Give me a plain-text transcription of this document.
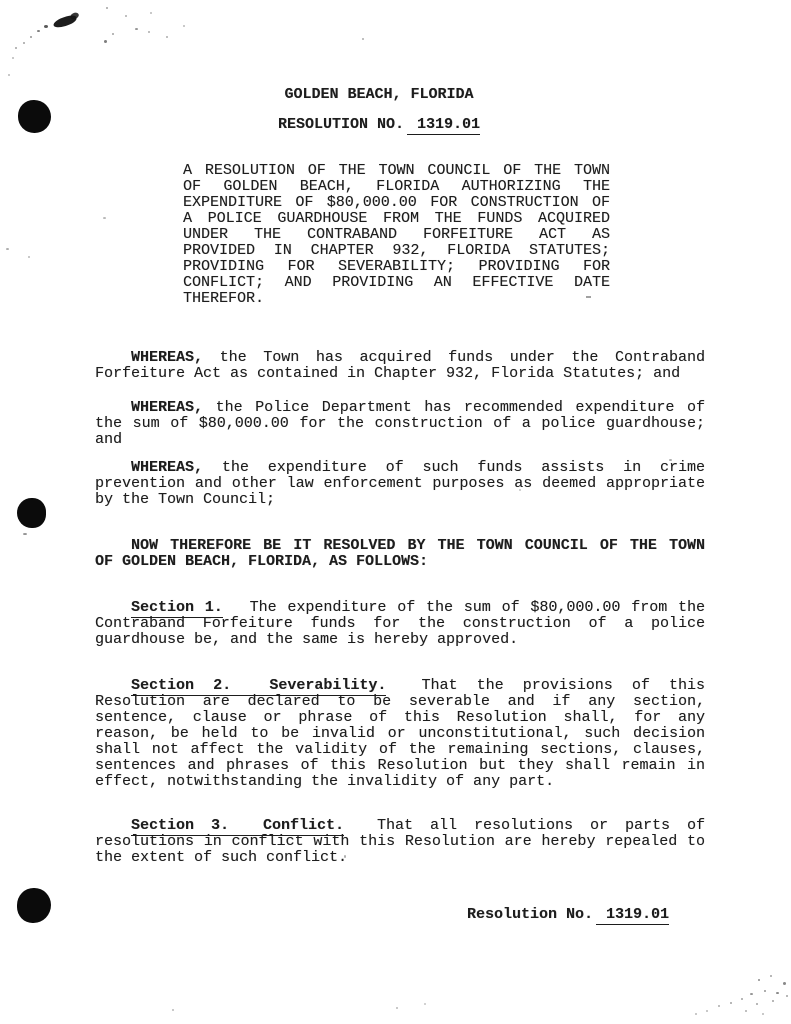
GOLDEN BEACH, FLORIDA
RESOLUTION NO. 1319.01
A RESOLUTION OF THE TOWN COUNCIL OF THE TOWN
OF GOLDEN BEACH, FLORIDA AUTHORIZING THE
EXPENDITURE OF $80,000.00 FOR CONSTRUCTION OF
A POLICE GUARDHOUSE FROM THE FUNDS ACQUIRED
UNDER THE CONTRABAND FORFEITURE ACT AS
PROVIDED IN CHAPTER 932, FLORIDA STATUTES;
PROVIDING FOR SEVERABILITY; PROVIDING FOR
CONFLICT; AND PROVIDING AN EFFECTIVE DATE
THEREFOR.
WHEREAS, the Town has acquired funds under the Contraband
Forfeiture Act as contained in Chapter 932, Florida Statutes; and
WHEREAS, the Police Department has recommended expenditure of
the sum of $80,000.00 for the construction of a police guardhouse;
and
WHEREAS, the expenditure of such funds assists in crime
prevention and other law enforcement purposes as deemed appropriate
by the Town Council;
NOW THEREFORE BE IT RESOLVED BY THE TOWN COUNCIL OF THE TOWN
OF GOLDEN BEACH, FLORIDA, AS FOLLOWS:
Section 1. The expenditure of the sum of $80,000.00 from the
Contraband Forfeiture funds for the construction of a police
guardhouse be, and the same is hereby approved.
Section 2.  Severability. That the provisions of this
Resolution are declared to be severable and if any section,
sentence, clause or phrase of this Resolution shall, for any
reason, be held to be invalid or unconstitutional, such decision
shall not affect the validity of the remaining sections, clauses,
sentences and phrases of this Resolution but they shall remain in
effect, notwithstanding the invalidity of any part.
Section 3.  Conflict. That all resolutions or parts of
resolutions in conflict with this Resolution are hereby repealed to
the extent of such conflict.
Resolution No. 1319.01
